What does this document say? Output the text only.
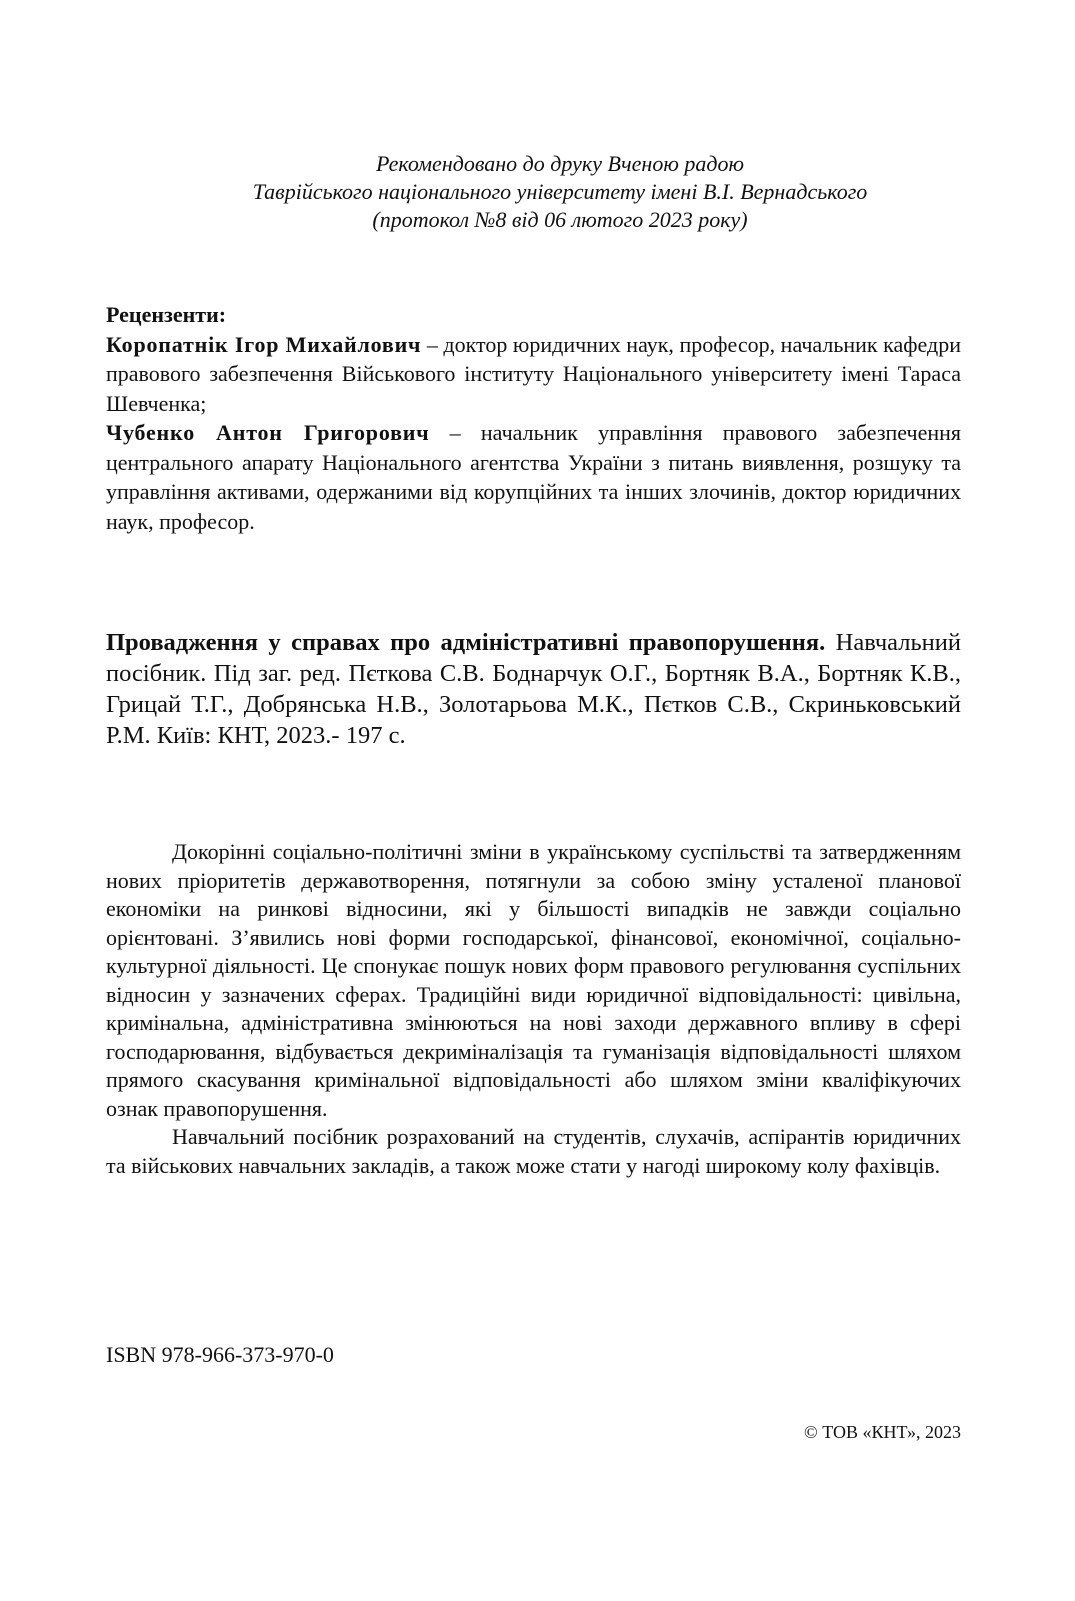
Рекомендовано до друку Вченою радою
Таврійського національного університету імені В.І. Вернадського
(протокол №8 від 06 лютого 2023 року)
Рецензенти:

Коропатнік Ігор Михайлович – доктор юридичних наук, професор, начальник кафедри правового забезпечення Військового інституту Національного університету імені Тараса Шевченка;

Чубенко Антон Григорович – начальник управління правового забезпечення центрального апарату Національного агентства України з питань виявлення, розшуку та управління активами, одержаними від корупційних та інших злочинів, доктор юридичних наук, професор.

Провадження у справах про адміністративні правопорушення. Навчальний посібник. Під заг. ред. Пєткова С.В. Боднарчук О.Г., Бортняк В.А., Бортняк К.В., Грицай Т.Г., Добрянська Н.В., Золотарьова М.К., Пєтков С.В., Скриньковський Р.М. Київ: КНТ, 2023.- 197 с.

Докорінні соціально-політичні зміни в українському суспільстві та затвердженням нових пріоритетів державотворення, потягнули за собою зміну усталеної планової економіки на ринкові відносини, які у більшості випадків не завжди соціально орієнтовані. З’явились нові форми господарської, фінансової, економічної, соціально-культурної діяльності. Це спонукає пошук нових форм правового регулювання суспільних відносин у зазначених сферах. Традиційні види юридичної відповідальності: цивільна, кримінальна, адміністративна змінюються на нові заходи державного впливу в сфері господарювання, відбувається декриміналізація та гуманізація відповідальності шляхом прямого скасування кримінальної відповідальності або шляхом зміни кваліфікуючих ознак правопорушення.

Навчальний посібник розрахований на студентів, слухачів, аспірантів юридичних та військових навчальних закладів, а також може стати у нагоді широкому колу фахівців.

ISBN 978-966-373-970-0
© ТОВ «КНТ», 2023
